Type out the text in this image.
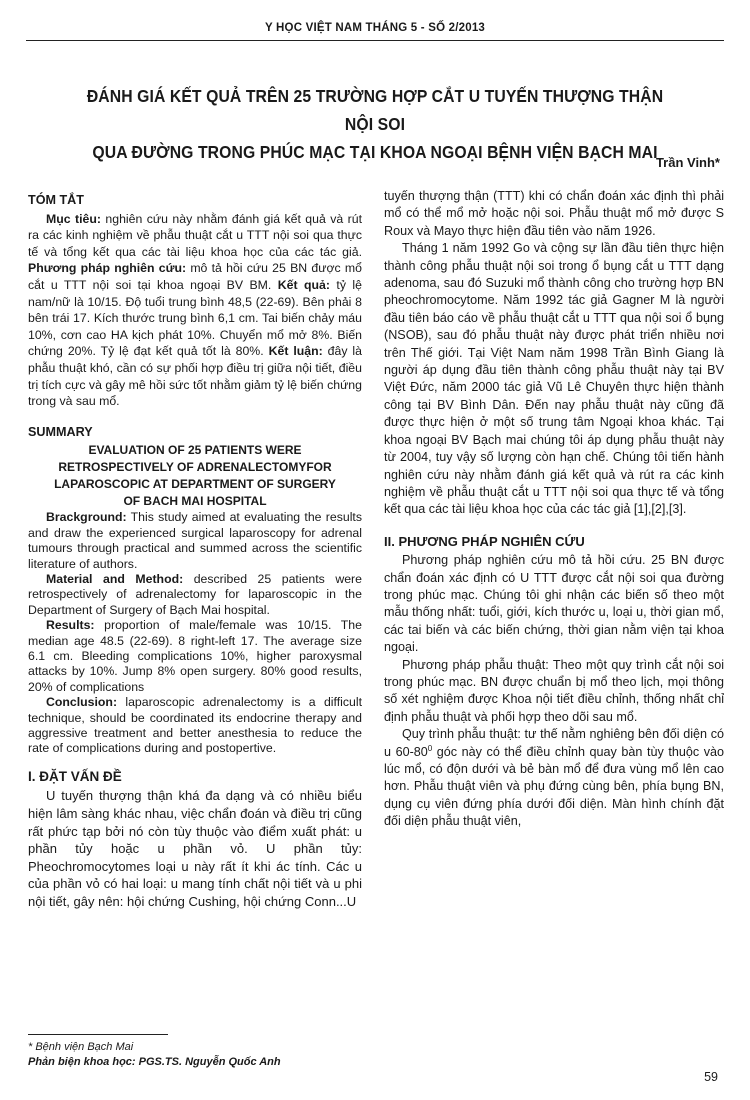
Y HỌC VIỆT NAM THÁNG 5 - SỐ 2/2013
ĐÁNH GIÁ KẾT QUẢ TRÊN 25 TRƯỜNG HỢP CẮT U TUYẾN THƯỢNG THẬN NỘI SOI
QUA ĐƯỜNG TRONG PHÚC MẠC TẠI KHOA NGOẠI BỆNH VIỆN BẠCH MAI
Trần Vinh*
TÓM TẮT

Mục tiêu: nghiên cứu này nhằm đánh giá kết quả và rút ra các kinh nghiệm về phẫu thuật cắt u TTT nội soi qua thực tế và tổng kết qua các tài liệu khoa học của các tác giả. Phương pháp nghiên cứu: mô tả hồi cứu 25 BN được mổ cắt u TTT nội soi tại khoa ngoại BV BM. Kết quả: tỷ lệ nam/nữ là 10/15. Độ tuổi trung bình 48,5 (22-69). Bên phải 8 bên trái 17. Kích thước trung bình 6,1 cm. Tai biến chảy máu 10%, cơn cao HA kịch phát 10%. Chuyển mổ mở 8%. Biến chứng 20%. Tỷ lệ đạt kết quả tốt là 80%. Kết luận: đây là phẫu thuật khó, cần có sự phối hợp điều trị giữa nội tiết, điều trị tích cực và gây mê hồi sức tốt nhằm giảm tỷ lệ biến chứng trong và sau mổ.

SUMMARY
EVALUATION OF 25 PATIENTS WERE
RETROSPECTIVELY OF ADRENALECTOMYFOR
LAPAROSCOPIC AT DEPARTMENT OF SURGERY
OF BACH MAI HOSPITAL

Brackground: This study aimed at evaluating the results and draw the experienced surgical laparoscopy for adrenal tumours through practical and summed across the scientific literature of authors.

Material and Method: described 25 patients were retrospectively of adrenalectomy for laparoscopic in the Department of Surgery of Bạch Mai hospital.

Results: proportion of male/female was 10/15. The median age 48.5 (22-69). 8 right-left 17. The average size 6.1 cm. Bleeding complications 10%, higher paroxysmal attacks by 10%. Jump 8% open surgery. 80% good results, 20% of complications

Conclusion: laparoscopic adrenalectomy is a difficult technique, should be coordinated its endocrine therapy and aggressive treatment and better anesthesia to reduce the rate of complications during and postopertive.

I. ĐẶT VẤN ĐỀ

U tuyến thượng thận khá đa dạng và có nhiều biểu hiện lâm sàng khác nhau, việc chẩn đoán và điều trị cũng rất phức tạp bởi nó còn tùy thuộc vào điểm xuất phát: u phần tủy hoặc u phần vỏ. U phần tủy: Pheochromocytomes loại u này rất ít khi ác tính. Các u của phần vỏ có hai loại: u mang tính chất nội tiết và u phi nội tiết, gây nên: hội chứng Cushing, hội chứng Conn...U

tuyến thượng thận (TTT) khi có chẩn đoán xác định thì phải mổ có thể mổ mở hoặc nội soi. Phẫu thuật mổ mở được S Roux và Mayo thực hiện đầu tiên vào năm 1926.

Tháng 1 năm 1992 Go và cộng sự lần đầu tiên thực hiện thành công phẫu thuật nội soi trong ổ bụng cắt u TTT dạng adenoma, sau đó Suzuki mổ thành công cho trường hợp BN pheochromocytome. Năm 1992 tác giả Gagner M là người đầu tiên báo cáo về phẫu thuật cắt u TTT qua nội soi ổ bụng (NSOB), sau đó phẫu thuật này được phát triển nhiều nơi trên Thế giới. Tại Việt Nam năm 1998 Trần Bình Giang là người áp dụng đầu tiên thành công phẫu thuật này tại BV Việt Đức, năm 2000 tác giả Vũ Lê Chuyên thực hiện thành công tại BV Bình Dân. Đến nay phẫu thuật này cũng đã được thực hiện ở một số trung tâm Ngoại khoa khác. Tại khoa ngoại BV Bạch mai chúng tôi áp dụng phẫu thuật này từ 2004, tuy vậy số lượng còn hạn chế. Chúng tôi tiến hành nghiên cứu này nhằm đánh giá kết quả và rút ra các kinh nghiệm về phẫu thuật cắt u TTT nội soi qua thực tế và tổng kết qua các tài liệu khoa học của các tác giả [1],[2],[3].

II. PHƯƠNG PHÁP NGHIÊN CỨU

Phương pháp nghiên cứu mô tả hồi cứu. 25 BN được chẩn đoán xác định có U TTT được cắt nội soi qua đường trong phúc mạc. Chúng tôi ghi nhận các biến số theo một mẫu thống nhất: tuổi, giới, kích thước u, loại u, thời gian mổ, các tai biến và các biến chứng, thời gian nằm viện tại khoa ngoại.

Phương pháp phẫu thuật: Theo một quy trình cắt nội soi trong phúc mạc. BN được chuẩn bị mổ theo lịch, mọi thông số xét nghiệm được Khoa nội tiết điều chỉnh, thống nhất chỉ định phẫu thuật và phối hợp theo dõi sau mổ.

Quy trình phẫu thuật: tư thế nằm nghiêng bên đối diện có u $60-80^0$ góc này có thể điều chỉnh quay bàn tùy thuộc vào lúc mổ, có độn dưới và bẻ bàn mổ để đưa vùng mổ lên cao hơn. Phẫu thuật viên và phụ đứng cùng bên, phía bụng BN, dụng cụ viên đứng phía dưới đối diện. Màn hình chính đặt đối diện phẫu thuật viên,

* Bệnh viện Bạch Mai
Phản biện khoa học: PGS.TS. Nguyễn Quốc Anh
59
